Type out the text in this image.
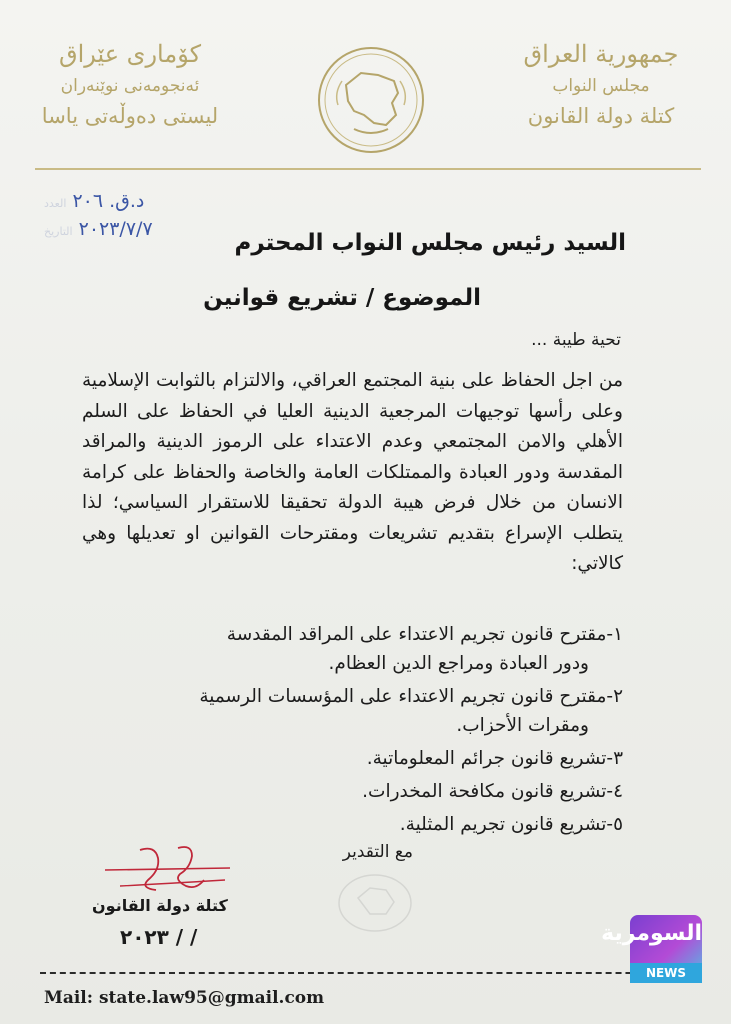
جمهورية العراق
مجلس النواب
كتلة دولة القانون
كۆماری عێراق
ئەنجومەنی نوێنەران
لیستی دەوڵەتی یاسا
د.ق. ٢٠٦ العدد
٢٠٢٣/٧/٧ التاريخ	السيد رئيس مجلس النواب المحترم
الموضوع / تشريع قوانين
تحية طيبة ...
من اجل الحفاظ على بنية المجتمع العراقي، والالتزام بالثوابت الإسلامية وعلى رأسها توجيهات المرجعية الدينية العليا في الحفاظ على السلم الأهلي والامن المجتمعي وعدم الاعتداء على الرموز الدينية والمراقد المقدسة ودور العبادة والممتلكات العامة والخاصة والحفاظ على كرامة الانسان من خلال فرض هيبة الدولة تحقيقا للاستقرار السياسي؛ لذا يتطلب الإسراع بتقديم تشريعات ومقترحات القوانين او تعديلها وهي كالاتي:
١-مقترح قانون تجريم الاعتداء على المراقد المقدسة
ودور العبادة ومراجع الدين العظام.
٢-مقترح قانون تجريم الاعتداء على المؤسسات الرسمية
ومقرات الأحزاب.
٣-تشريع قانون جرائم المعلوماتية.
٤-تشريع قانون مكافحة المخدرات.
٥-تشريع قانون تجريم المثلية.
مع التقدير
كتلة دولة القانون
٢٠٢٣ / /
Mail: state.law95@gmail.com
السومرية
NEWS
